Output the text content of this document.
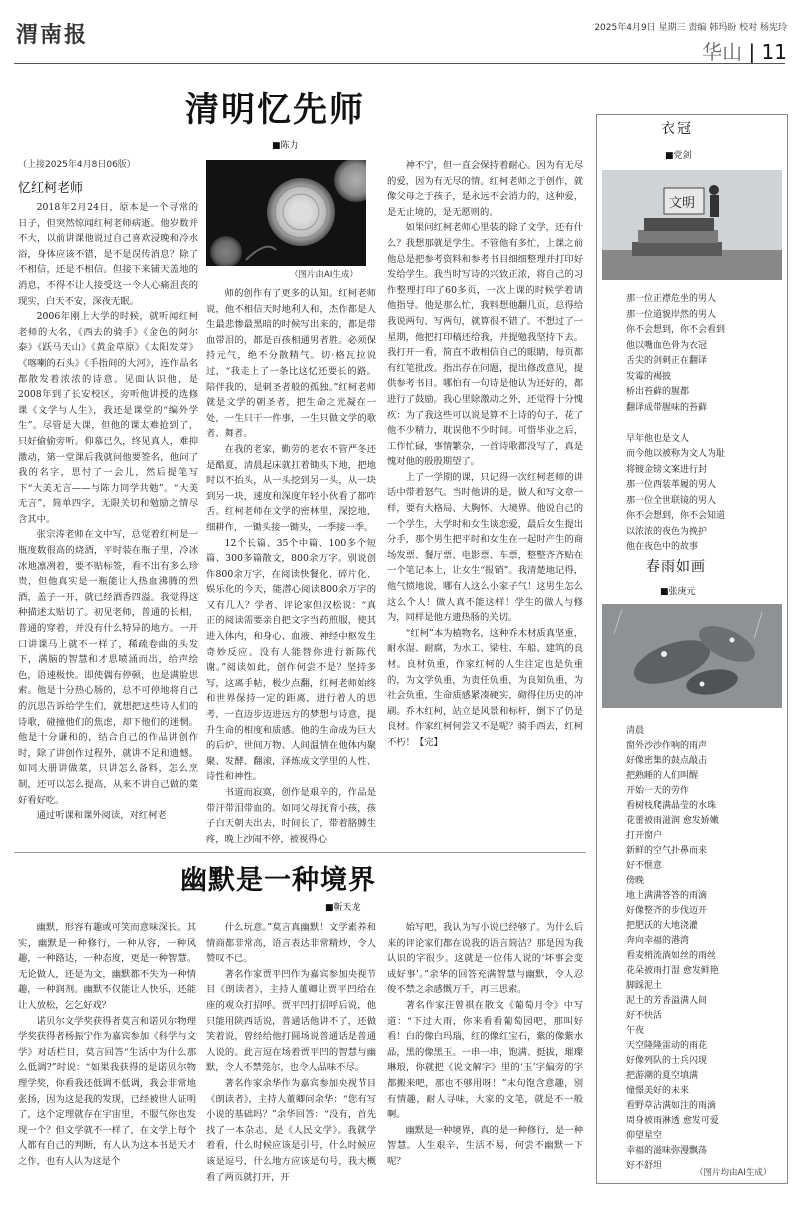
渭南报	2025年4月9日 星期三 责编 韩玛盼 校对 杨宪玲
华山 | 11
清明忆先师
■陈力
（上接2025年4月8日06版）
忆红柯老师

2018年2月24日，原本是一个寻常的日子，但突然惊闻红柯老师病逝。他岁数并不大，以前讲课他说过自己喜欢浸晚和冷水浴，身体应该不错，是不是误传消息？除了不相信，还是不相信。但接下来铺天盖地的消息，不得不让人接受这一令人心痛沮丧的现实，白天不安，深夜无眠。

2006年刚上大学的时候，就听闻红柯老师的大名，《西去的骑手》《金色的阿尔泰》《跃马天山》《黄金草原》《太阳发芽》《喀喇的石头》《手指间的大河》，连作品名都散发着浓浓的诗意。见面认识他，是2008年到了长安校区，旁听他讲授的选修课《文学与人生》，我还是课堂的“编外学生”。尽管是大课，但他的课太难抢到了，只好偷偷旁听。仰慕已久，终见真人，难抑激动，第一堂课后我就问他要签名，他问了我的名字，思忖了一会儿，然后提笔写下“大美无言——与陈力同学共勉”。“大美无言”，简单四字，无限关切和勉励之情尽含其中。

张宗涛老师在文中写，总觉着红柯是一瓶度数很高的烧酒，平时装在瓶子里，冷冰冰地凛冽着，要不贴标签，看不出有多么珍贵，但他真实是一瓶能让人热血沸腾的烈酒，盖子一开，就已经酒香四溢。我觉得这种描述太贴切了。初见老师，普通的长相，普通的穿着，并没有什么特异的地方。一开口讲课马上就不一样了，稀疏卷曲的头发下，满脑的智慧和才思喷涌而出，给声绘色，语速极快。即使偶有停顿，也是满脸思索。他是十分热心肠的，总不可停地将自己的沉思告诉给学生们，就想把这些诗人们的诗歌，碰撞他们的焦虑，却下他们的迷惘。他是十分谦和的，结合自己的作品讲创作时，除了讲创作过程外，就讲不足和遗憾。如同大册讲做菜，只讲怎么备料，怎么烹制，还可以怎么提高，从来不讲自己做的菜好看好吃。

通过听课和课外阅读，对红柯老

（图片由AI生成）

师的创作有了更多的认知。红柯老师说，他不相信天时地利人和，杰作都是人生最悲惨最黑暗的时候写出来的，都是带血带泪的，都是百孩相通男者胜。必须保持元气，绝不分散精气。切·格瓦拉说过，“我走上了一条比这忆还要长的路。陪伴我的，是刺圣者般的孤独。”红柯老师就是文学的朝圣者，把生命之光凝在一处，一生只干一件事，一生只做文学的歌者、舞者。

在我的老家，勤劳的老农不管严冬还是酷夏，清晨起床就扛着锄头下地，把地时以不抬头，从一头挖到另一头，从一块到另一块，速度和深度年轻小伙看了都咋舌。红柯老师在文学的密林里，深挖地，细耕作，一锄头接一锄头，一季接一季。

12个长篇、35个中篇、100多个短篇、300多篇散文，800余万字。别说创作800余万字，在阅读快餐化、碎片化、娱乐化的今天，能潜心阅读800余万字的又有几人？学者、评论家但汉松说：“真正的阅读需要亲自把文字当药煎服，使其进入体内，和身心、血液、神经中枢发生奇妙反应。没有人能替你进行新陈代谢。”阅读如此，创作何尝不是？坚持多写，这离手帖，极少点翻，红柯老师始终和世界保持一定的距离，进行着人的思考，一直迈步迈进远方的梦想与诗意，提升生命的相度和质感。他的生命成为巨大的后炉，世间万物、人间温情在他体内聚聚、发酵、翻滚，泽炼成文学里的人性、诗性和神性。

书道而寂寞，创作是艰辛的，作品是带汗带泪带血的。如同父母抚育小孩，孩子白天朝夫出去，时间长了，带着胳膊生疼，晚上沙闹不停，被视得心

神不宁，但一直会保持着耐心。因为有无尽的爱，因为有无尽的情。红柯老师之于创作，就像父母之于孩子，是永远不会消力的，这种爱，是无止境的，是无愿则的。

如果问红柯老师心里装的除了文学，还有什么？我想那就是学生。不管他有多忙，上课之前他总是把参考资料和参考书目细细整理并打印好发给学生。我当时写诗的兴致正浓，将自己的习作整理打印了60多页，一次上课的时候学着请他指导。他是那么忙，我料想他翻几页，总得给我说两句、写两句，就算很不错了。不想过了一星期，他把打印稿还给我，并提勉我坚持下去。我打开一看，简直不敢相信自己的眼睛，每页都有红笔批改。指出存在问题，提出修改意见，提供参考书目。哪怕有一句诗是他认为还好的，都进行了鼓励。我心里除激动之外，还觉得十分愧疚：为了我这些可以说是算不上诗的句子，花了他不少精力，耽误他不少时间。可惜毕业之后，工作忙碌，事情繁杂，一首诗歌都没写了，真是愧对他的殷殷期望了。

上了一学期的课，只记得一次红柯老师的讲话中带着怒气。当时他讲的是，做人和写文章一样，要有大格局、大胸怀、大境界。他说自己的一个学生，大学时和女生谈恋爱，最后女生提出分手，那个男生把平时和女生在一起时产生的商场发票、餐厅票、电影票、车票，整整齐齐贴在一个笔记本上，让女生“报销”。我清楚地记得，他气愤地说，哪有人这么小家子气！这男生怎么这么个人！做人真不能这样！学生的做人与修为，同样是他方遗热肠的关切。

“红柯”本为植物名，这种乔木材质真坚重，耐水湿、耐腐，为水工、梁柱、车船、建筑的良材。良材负重，作家红柯的人生注定也是负重的，为文学负重，为责任负重，为良知负重，为社会负重，生命质感紧凑硬实，砌得住历史的冲刷。乔木红柯，站立是风景和标杆，倒下了仍是良材。作家红柯何尝又不是呢？骑手西去，红柯不朽！【完】

幽默是一种境界
■靳天龙

幽默，形容有趣或可笑而意味深长。其实，幽默是一种修行，一种从容，一种风趣，一种路达，一种态度，更是一种智慧。无论做人，还是为文，幽默都不失为一种情趣，一种润剂。幽默不仅能让人快乐，还能让人放松，乞乞好戏？

诺贝尔文学奖获得者莫言和诺贝尔物理学奖获得者杨振宁作为嘉宾参加《科学与文学》对话栏目，莫言回答“生活中为什么那么低调?”时说：“如果我获得的是诺贝尔物理学奖，你看我还低调不低调，我会非常地张扬，因为这是我的发现，已经被世人证明了，这个定理就存在宇宙里，不服气你也发现一个？但文学就不一样了，在文学上每个人都有自己的判断，有人认为这本书是天才之作，也有人认为这是个

什么玩意。”莫言真幽默！文学素养和情商都非常高，语言表达非常精炒，令人赞叹不已。

著名作家贾平凹作为嘉宾参加央视节目《朗读者》，主持人董卿让贾平凹给在座的观众打招呼。贾平凹打招呼后说，他只能用陕西话说，普通话他讲不了，还做笑着说，曾经给他打圆场说普通话是普通人说的。此言逗在场着贾平凹的智慧与幽默，令人不禁莞尔，也令人品味不尽。

著名作家余华作为嘉宾参加央视节目《朗读者》，主持人董卿问余华：“您有写小说的基础吗？”余华回答：“没有，首先找了一本杂志，是《人民文学》。我就学着看，什么时候应该是引号，什么时候应该是逗号，什么地方应该是句号，我大概看了两页就打开，开

始写吧，我认为写小说已经够了。为什么后来的评论家们都在说我的语言简洁？那是因为我认识的字很少。这就是一位伟人说的‘坏事会变成好事’。”余华的回答充满智慧与幽默，令人忍俊不禁之余感慨万千，再三思索。

著名作家汪曾祺在散文《葡萄月令》中写道：“下过大雨，你来看看葡萄园吧，那叫好看！白的像白玛瑙，红的像红宝石，紫的像紫水晶，黑的像黑玉。一串一串，饱满、挺拔，璀璨琳琅，你就把《说文解字》里的‘玉’字偏旁的字都搬来吧，那也不够用呀！”末句饱含意趣，别有情趣，耐人寻味，大家的文笔，就是不一般啊。

幽默是一种境界，真的是一种修行，是一种智慧。人生艰辛，生活不易，何尝不幽默一下呢？

衣冠
■党剑
文明
那一位正襟危坐的男人
那一位道貌岸然的男人
你不会想到，你不会看到
他以嘴血色骨为衣冠
舌尖的剑刺正在翻译
发霉的褐披
桥出苔藓的腥都
翻译成带腥味的苔藓

早年他也是文人
而今他以被称为文人为耻
将镀金镑文案进行封
那一位西装革履的男人
那一位全世联镜的男人
你不会想到，你不会知道
以浓浓的夜色为挽护
他在夜色中的故事
春雨如画
■张庚元
清晨
窗外沙沙作响的雨声
好像密集的鼓点敲击
把熟睡的人们叫醒
开始一天的劳作
看树枝爬满晶莹的水珠
花蕾被雨滋润 愈发娇嫩
打开窗户
新鲜的空气扑鼻而来
好不惬意
傍晚
地上满满答答的雨滴
好像整齐的步伐迈开
把肥沃的大地浇灌
奔向幸福的港湾
看麦梢流淌如丝的雨丝
花朵被雨打湿 愈发鲜艳
脚踩泥土
泥土的芳香溢满人间
好不快活
午夜
天空隆隆雷动的雨花
好像列队的士兵闪现
把游潮的夏空填满
憧憬美好的未来
看野草沾满如注的雨滴
周身被雨淋透 愈发可爱
仰望星空
幸福的滋味弥漫飘荡
好不舒坦
（图片均由AI生成）
